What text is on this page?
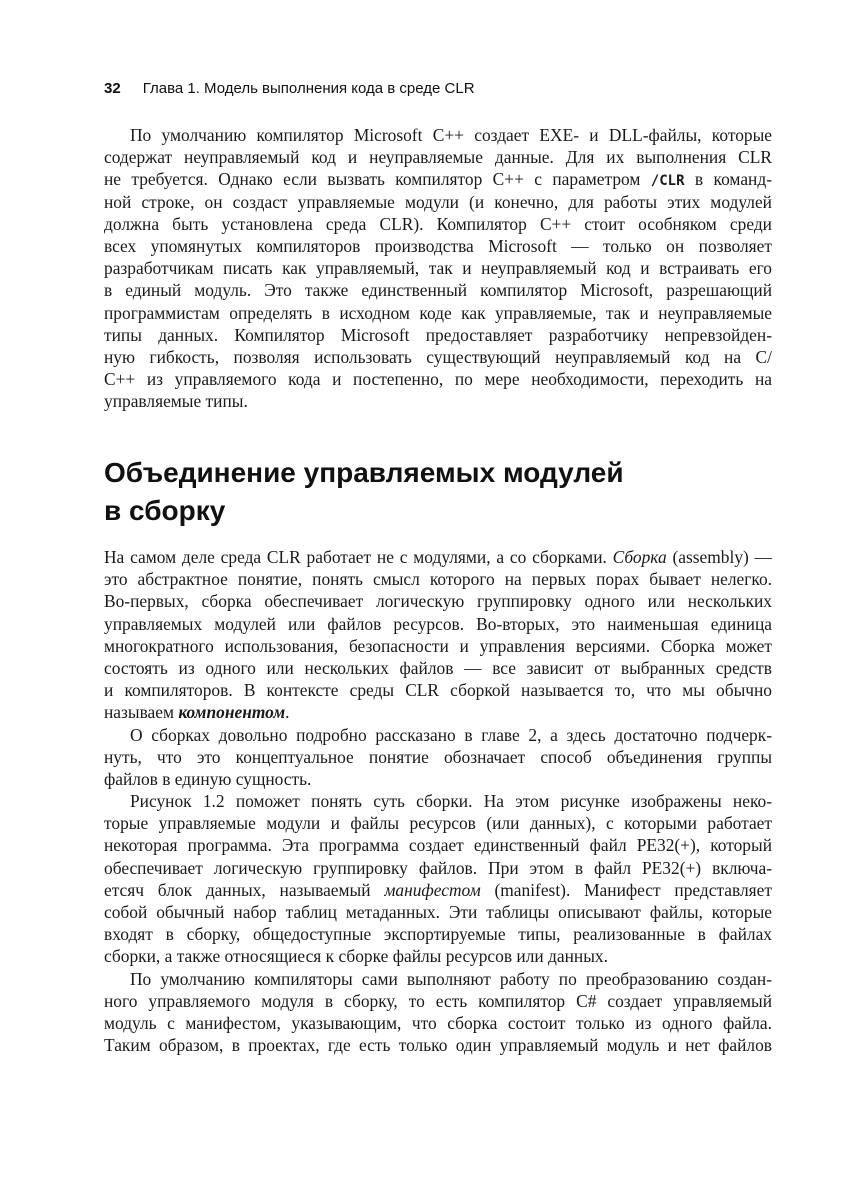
32 Глава 1. Модель выполнения кода в среде CLR
По умолчанию компилятор Microsoft C++ создает EXE- и DLL-файлы, которые
содержат неуправляемый код и неуправляемые данные. Для их выполнения CLR
не требуется. Однако если вызвать компилятор C++ с параметром /CLR в команд-
ной строке, он создаст управляемые модули (и конечно, для работы этих модулей
должна быть установлена среда CLR). Компилятор C++ стоит особняком среди
всех упомянутых компиляторов производства Microsoft — только он позволяет
разработчикам писать как управляемый, так и неуправляемый код и встраивать его
в единый модуль. Это также единственный компилятор Microsoft, разрешающий
программистам определять в исходном коде как управляемые, так и неуправляемые
типы данных. Компилятор Microsoft предоставляет разработчику непревзойден-
ную гибкость, позволяя использовать существующий неуправляемый код на C/
C++ из управляемого кода и постепенно, по мере необходимости, переходить на
управляемые типы.
Объединение управляемых модулей
в сборку
На самом деле среда CLR работает не с модулями, а со сборками. Сборка (assembly) —
это абстрактное понятие, понять смысл которого на первых порах бывает нелегко.
Во-первых, сборка обеспечивает логическую группировку одного или нескольких
управляемых модулей или файлов ресурсов. Во-вторых, это наименьшая единица
многократного использования, безопасности и управления версиями. Сборка может
состоять из одного или нескольких файлов — все зависит от выбранных средств
и компиляторов. В контексте среды CLR сборкой называется то, что мы обычно
называем компонентом.
О сборках довольно подробно рассказано в главе 2, а здесь достаточно подчерк-
нуть, что это концептуальное понятие обозначает способ объединения группы
файлов в единую сущность.
Рисунок 1.2 поможет понять суть сборки. На этом рисунке изображены неко-
торые управляемые модули и файлы ресурсов (или данных), с которыми работает
некоторая программа. Эта программа создает единственный файл PE32(+), который
обеспечивает логическую группировку файлов. При этом в файл PE32(+) включа-
етсяч блок данных, называемый манифестом (manifest). Манифест представляет
собой обычный набор таблиц метаданных. Эти таблицы описывают файлы, которые
входят в сборку, общедоступные экспортируемые типы, реализованные в файлах
сборки, а также относящиеся к сборке файлы ресурсов или данных.
По умолчанию компиляторы сами выполняют работу по преобразованию создан-
ного управляемого модуля в сборку, то есть компилятор C# создает управляемый
модуль с манифестом, указывающим, что сборка состоит только из одного файла.
Таким образом, в проектах, где есть только один управляемый модуль и нет файлов
